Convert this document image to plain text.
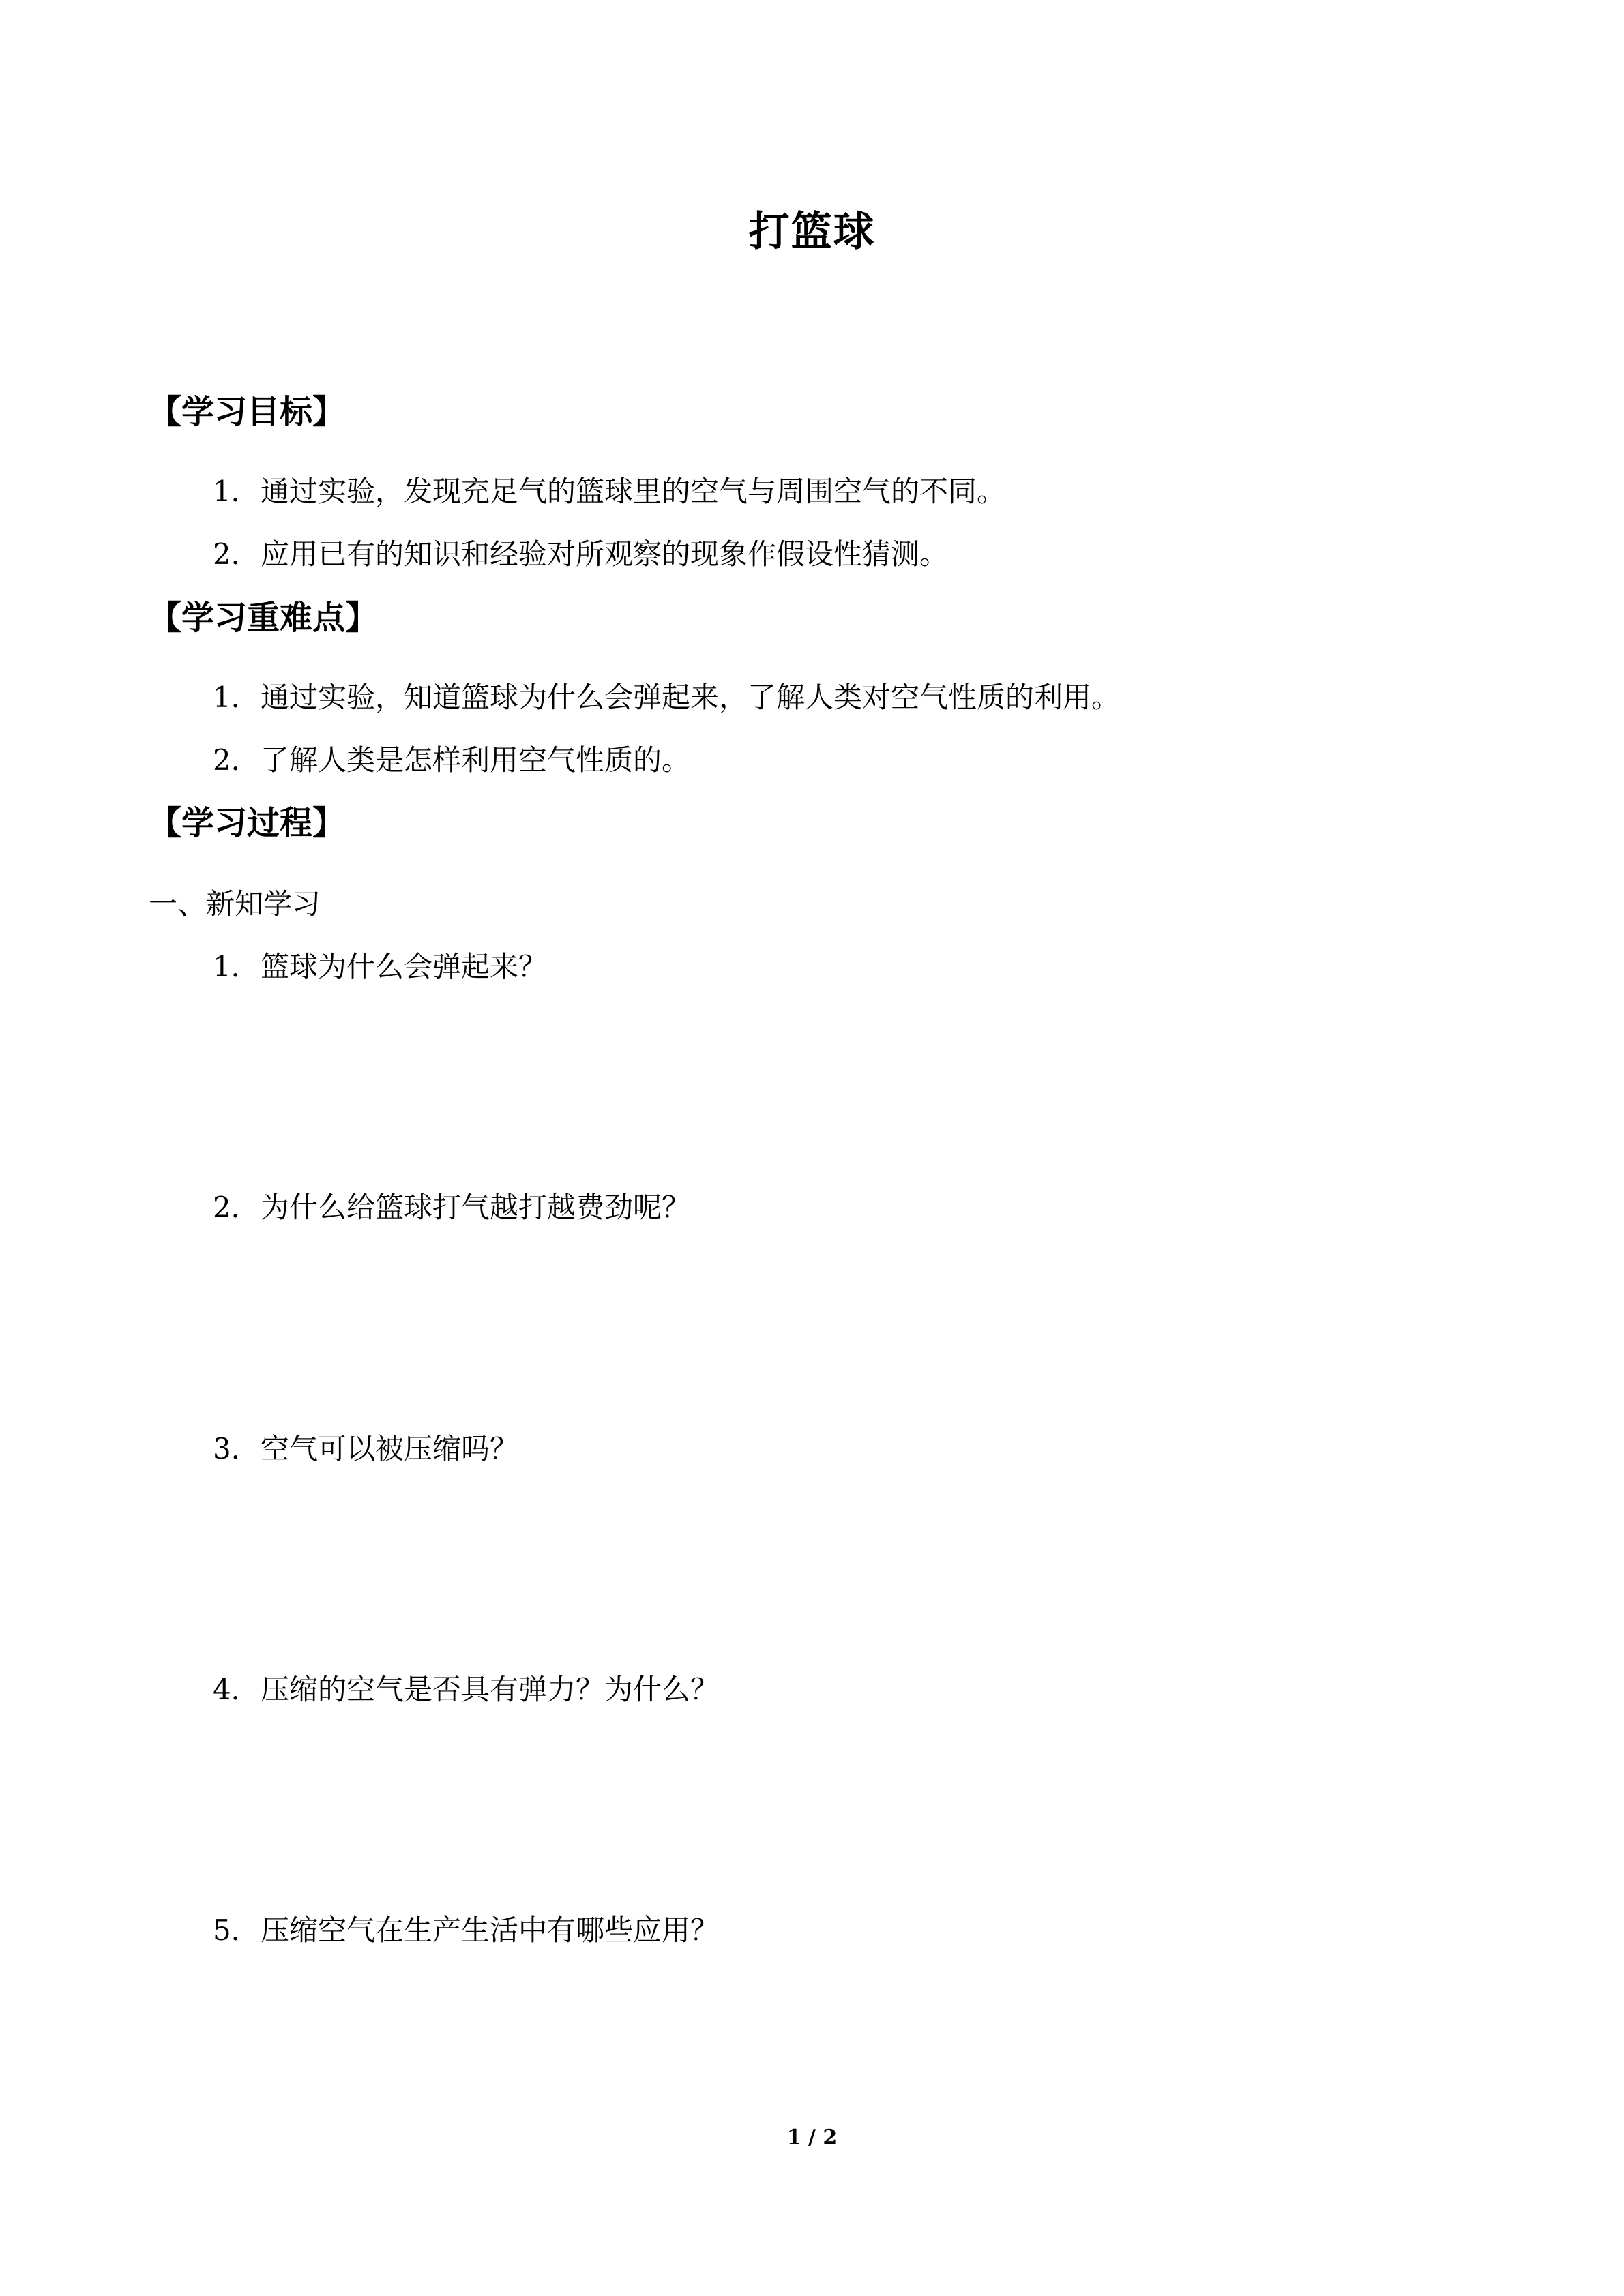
打篮球
【学习目标】
1．通过实验，发现充足气的篮球里的空气与周围空气的不同。
2．应用已有的知识和经验对所观察的现象作假设性猜测。
【学习重难点】
1．通过实验，知道篮球为什么会弹起来，了解人类对空气性质的利用。
2．了解人类是怎样利用空气性质的。
【学习过程】
一、新知学习
1．篮球为什么会弹起来？
2．为什么给篮球打气越打越费劲呢？
3．空气可以被压缩吗？
4．压缩的空气是否具有弹力？为什么？
5．压缩空气在生产生活中有哪些应用？
1 / 2
